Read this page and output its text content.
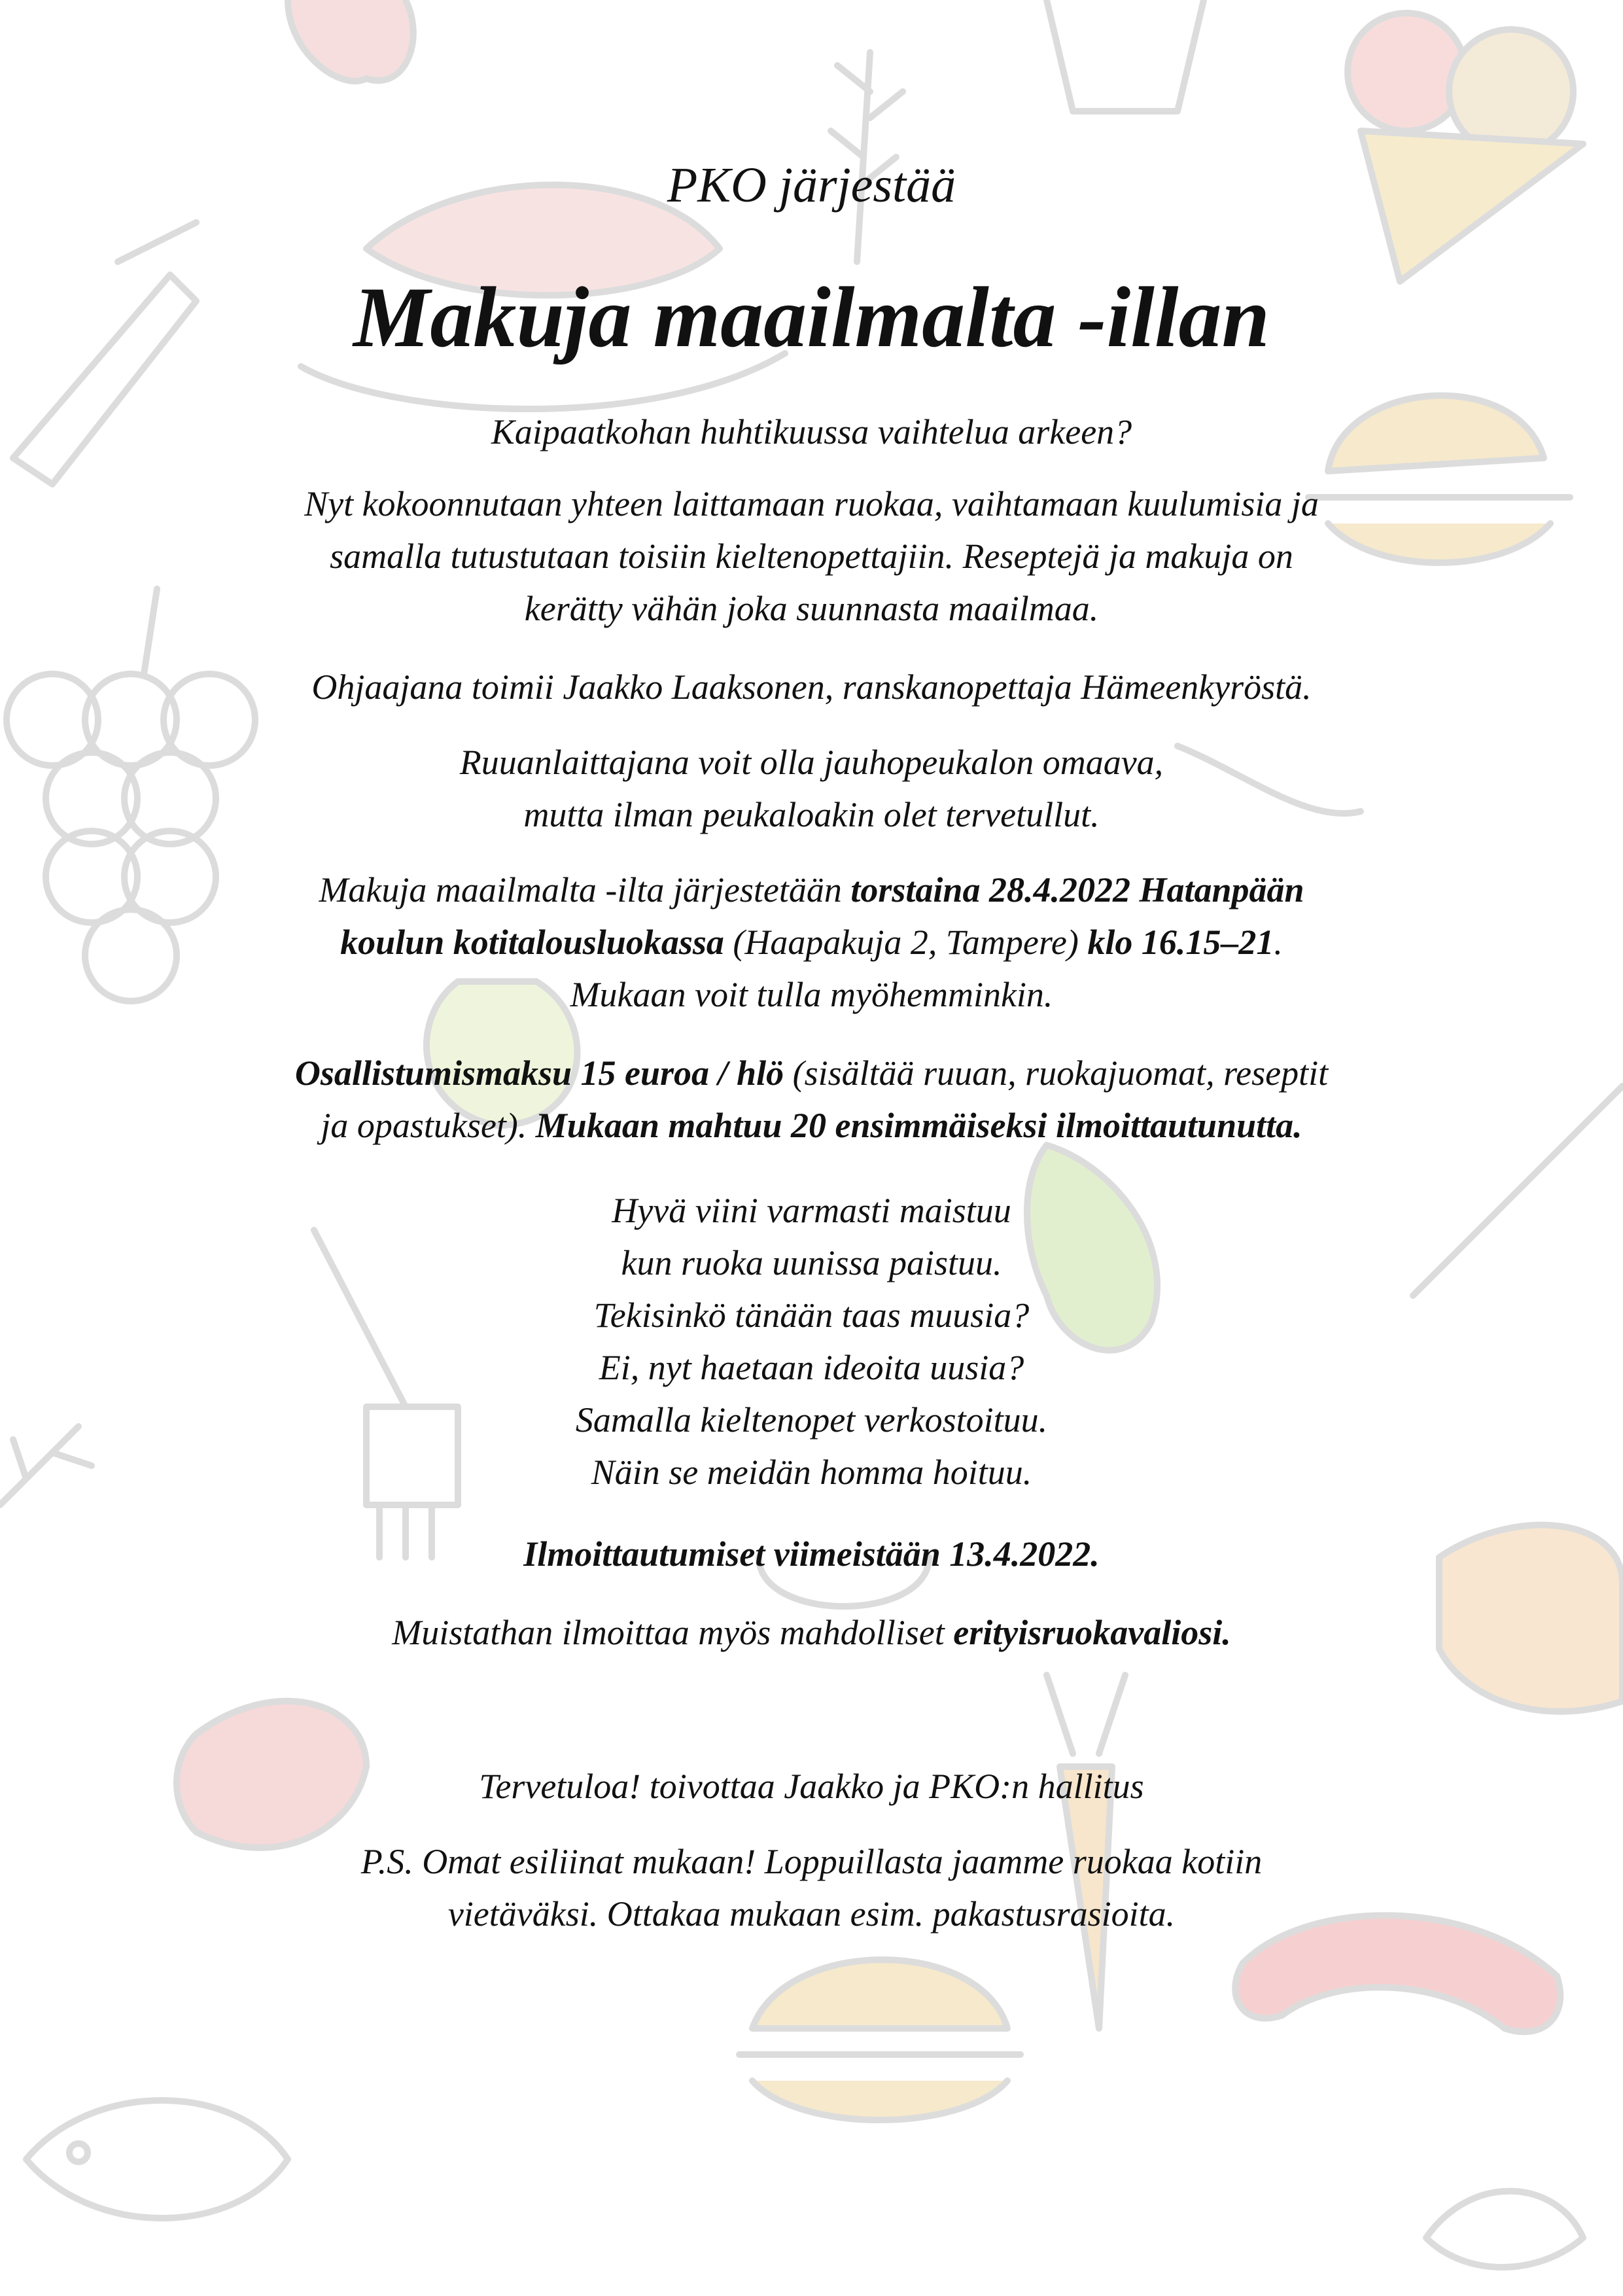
PKO järjestää

Makuja maailmalta -illan

Kaipaatkohan huhtikuussa vaihtelua arkeen?

Nyt kokoonnutaan yhteen laittamaan ruokaa, vaihtamaan kuulumisia ja
samalla tutustutaan toisiin kieltenopettajiin. Reseptejä ja makuja on
kerätty vähän joka suunnasta maailmaa.

Ohjaajana toimii Jaakko Laaksonen, ranskanopettaja Hämeenkyröstä.

Ruuanlaittajana voit olla jauhopeukalon omaava,
mutta ilman peukaloakin olet tervetullut.

Makuja maailmalta -ilta järjestetään torstaina 28.4.2022 Hatanpään
koulun kotitalousluokassa (Haapakuja 2, Tampere) klo 16.15–21.
Mukaan voit tulla myöhemminkin.

Osallistumismaksu 15 euroa / hlö (sisältää ruuan, ruokajuomat, reseptit
ja opastukset). Mukaan mahtuu 20 ensimmäiseksi ilmoittautunutta.

Hyvä viini varmasti maistuu
kun ruoka uunissa paistuu.
Tekisinkö tänään taas muusia?
Ei, nyt haetaan ideoita uusia?
Samalla kieltenopet verkostoituu.
Näin se meidän homma hoituu.

Ilmoittautumiset viimeistään 13.4.2022.

Muistathan ilmoittaa myös mahdolliset erityisruokavaliosi.

Tervetuloa! toivottaa Jaakko ja PKO:n hallitus

P.S. Omat esiliinat mukaan! Loppuillasta jaamme ruokaa kotiin
vietäväksi. Ottakaa mukaan esim. pakastusrasioita.
